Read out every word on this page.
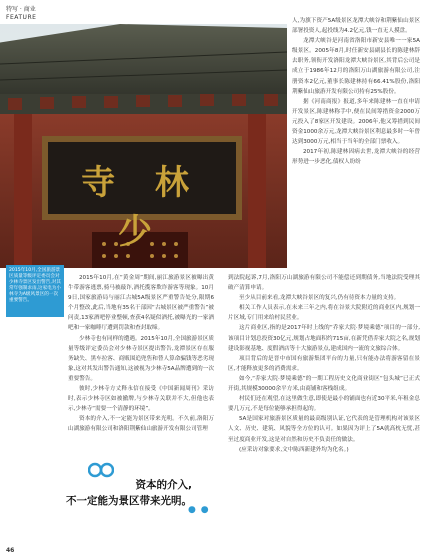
特写 · 商业
FEATURE
寺 林 少
2015年10月,全国旅游景区质量等级评定委员会对少林寺景区发出警告,对其常年强制求雨,这家电为小林寺为A级风景区的一次重要警告。

人,为旗下资产5A级景区龙潭大峡谷和荆紫仙山景区部署投资人,起投线为4.2亿元,钱一直无人摸盘。

龙潭大峡谷是河南省洛阳市新安县唯一一家5A级景区。2005年8月,时任新安县副县长的陈建林辞去职务,领衔开发洛阳龙潭大峡谷景区,其背后公司是成立于1986年12月的洛阳万山湖旅游有限公司,注册资本2亿元,董事长陈建林持有66.41%股份,洛阳荆紫仙山旅游开发有限公司持有25%股份。

据《河南商报》报道,多年来陈建林一直在申请开发景区,陈建林称手中,便在民间筹措资金2000万元投入了8家区开发建设。2006年,他又筹措到民间资金1000余万元,龙潭大峡谷景区利息最多时一年曾达到3000万元,相当于当年的全部门票收入。

2017年初,陈建林因病去世,龙潭大峡谷的经营形势进一步恶化,债权人纷纷

2015年10月,在“黄金周”期间,丽江旅游景区被曝出黄牛带游客逃票,骑马被敲诈,酒托揽客欺诈游客等现象。10月9日,国家旅游局与丽江古城5A级景区严重警告处分,限期6个月整改,此后,当地有35名干部因“古城景区被严重警告”被问责,13家酒吧停业整顿,查获4名疑似酒托,被曝光的一家酒吧和一家咖啡厅遭到罚款和查封取缔。

少林寺也有同样的遭遇。2015年10月,全国旅游景区质量等级评定委员会对少林寺景区提出警告,龙潭景区存在服务缺失、黑车拉客、商贩围追兜售和替人算命骗钱等恶劣现象,这对其发出警告通知,这被视为少林寺5A品牌遭到的一次重要警告。

彼时,少林寺方丈释永信在接受《中国新闻周刊》采访时,表示少林寺区如被撤牌,与少林寺关联并不大,但他也表示,少林寺“需要一个清静的环境”。

资本的介入,不一定能为景区带来光明。不久前,洛阳万山湖旅游有限公司和洛阳荆紫仙山旅游开发有限公司管理

到法院起诉,7月,洛阳万山湖旅游有限公司不能偿还到期债务,当地法院受理其破产清算申请。

至少从目前来看,龙潭大峡谷景区的复兴,仍有待资本力量的支持。

相关工作人员表示,在未来三年之内,将在谷景大院附近的商业区内,规划一片区域,专门用来给村民营业。

这片商业区,指的是2017年时上线的“乔家大院·梦境乘德”项目的一部分,该项目计划总投资30亿元,规划占地面积约715亩,在新凭借乔家大院之名,规划建设影视基地、度假酒店等十大旅游景点,建成国内一流的文旅综合体。

项目背后的是晋中市国有旅游集团平台的力量,只有能办法将游客留在景区,才能释放更多的消费需求。

如今,“乔家大院·梦境乘德”的一期工程历史文化商业街区“包头城”已正式开街,其规模30000余平方米,由商铺和客栈组成。

村民们还在观望,在这里做生意,即使是最小的铺面也有近30平米,年租金总要几万元,不是每位能够承担得起的。

5A是国家对旅游景区质量的最高级别认证,它代表的是管理机构对该景区人文、历史、建筑、风貌等全方位的认可。如果因为评上了5A就高枕无忧,甚至过度商业开发,这是对自然和历史不负责任的做法。

(应采访对象要求,文中陈西新建外均为化名。)

资本的介入,
不一定能为景区带来光明。
● ●
46
